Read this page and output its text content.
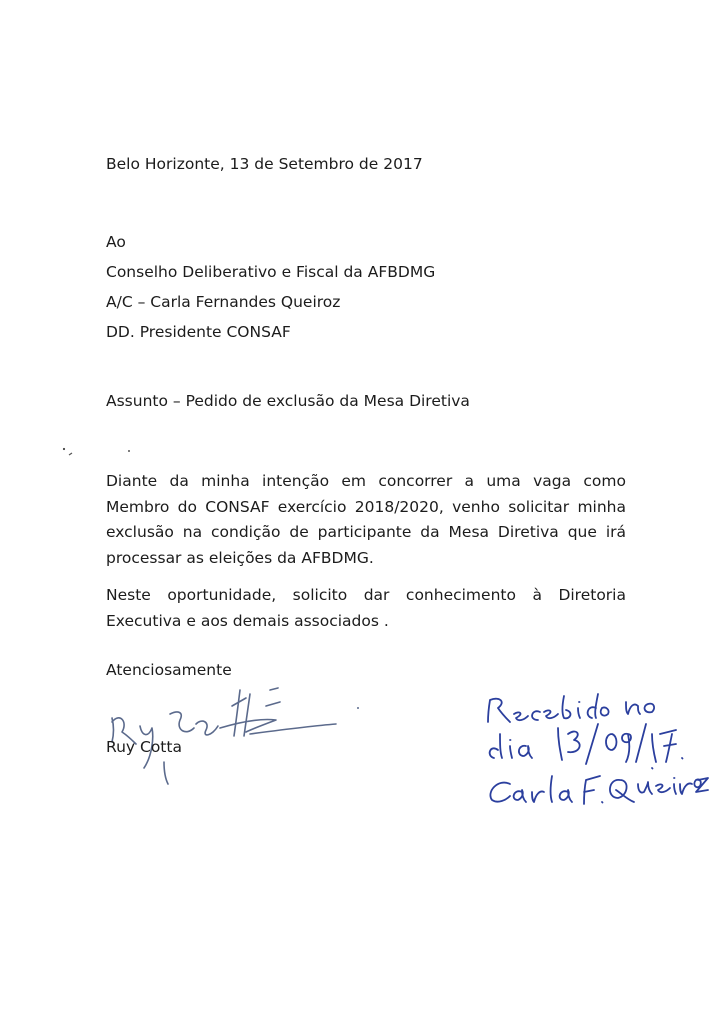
Belo Horizonte, 13 de Setembro de 2017
Ao
Conselho Deliberativo e Fiscal da AFBDMG
A/C – Carla Fernandes Queiroz
DD. Presidente CONSAF
Assunto – Pedido de exclusão da Mesa Diretiva
Diante da minha intenção em concorrer a uma vaga como Membro do CONSAF exercício 2018/2020, venho solicitar minha exclusão na condição de participante da Mesa Diretiva que irá processar as eleições da AFBDMG.
Neste oportunidade, solicito dar conhecimento à Diretoria Executiva e aos demais associados .
Atenciosamente
Ruy Cotta
